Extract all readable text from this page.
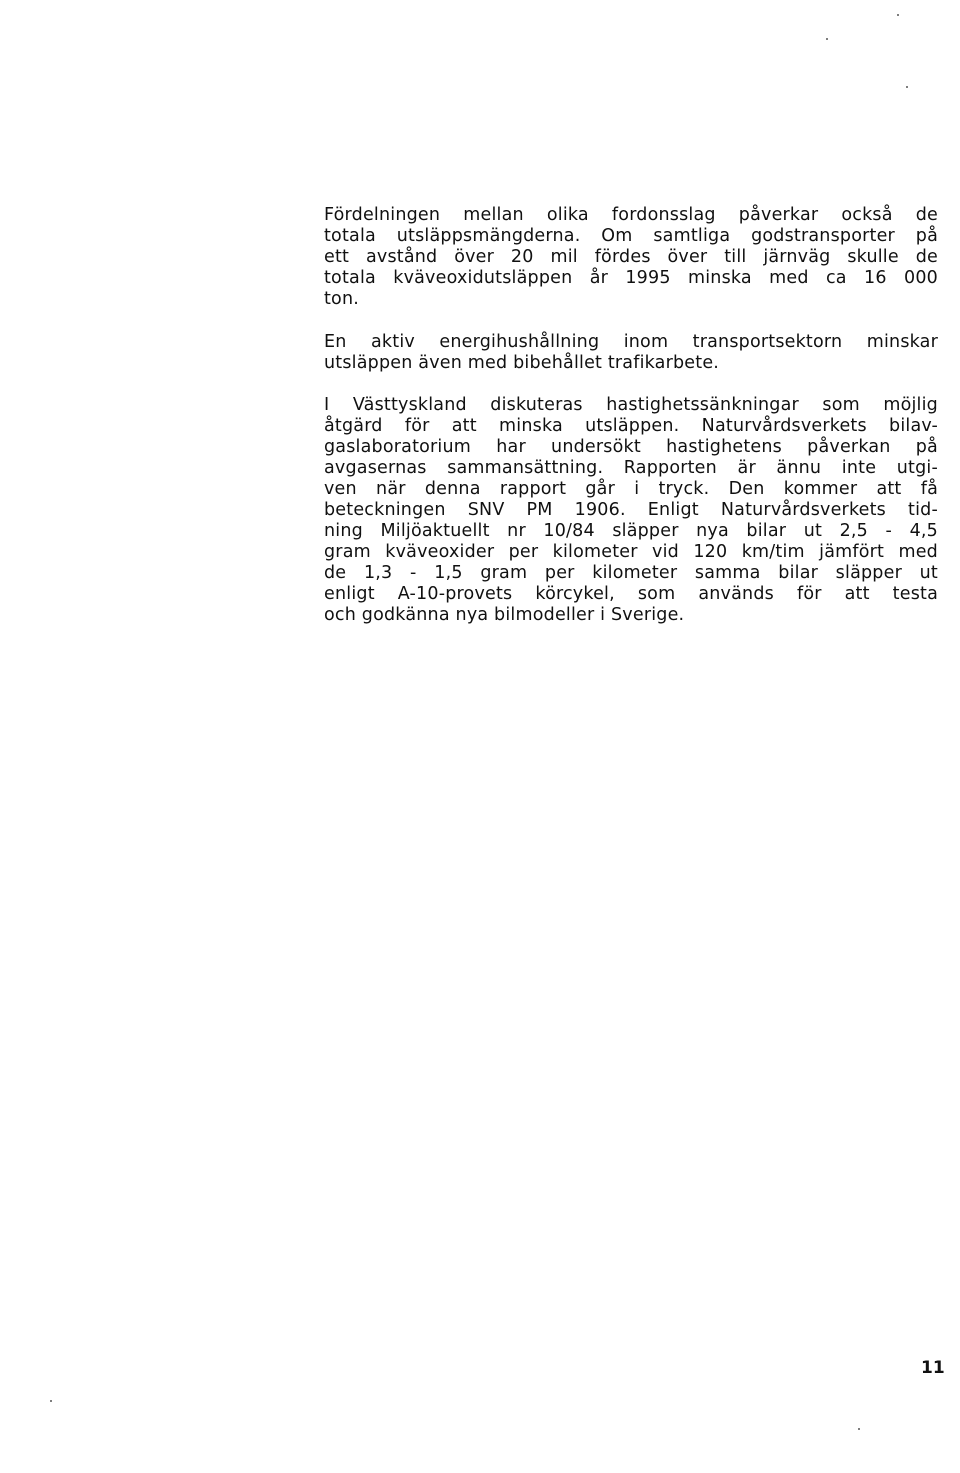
Fördelningen mellan olika fordonsslag påverkar också de
totala utsläppsmängderna. Om samtliga godstransporter på
ett avstånd över 20 mil fördes över till järnväg skulle de
totala kväveoxidutsläppen år 1995 minska med ca 16 000
ton.
En aktiv energihushållning inom transportsektorn minskar
utsläppen även med bibehållet trafikarbete.
I Västtyskland diskuteras hastighetssänkningar som möjlig
åtgärd för att minska utsläppen. Naturvårdsverkets bilav-
gaslaboratorium har undersökt hastighetens påverkan på
avgasernas sammansättning. Rapporten är ännu inte utgi-
ven när denna rapport går i tryck. Den kommer att få
beteckningen SNV PM 1906. Enligt Naturvårdsverkets tid-
ning Miljöaktuellt nr 10/84 släpper nya bilar ut 2,5 - 4,5
gram kväveoxider per kilometer vid 120 km/tim jämfört med
de 1,3 - 1,5 gram per kilometer samma bilar släpper ut
enligt A-10-provets körcykel, som används för att testa
och godkänna nya bilmodeller i Sverige.
11
